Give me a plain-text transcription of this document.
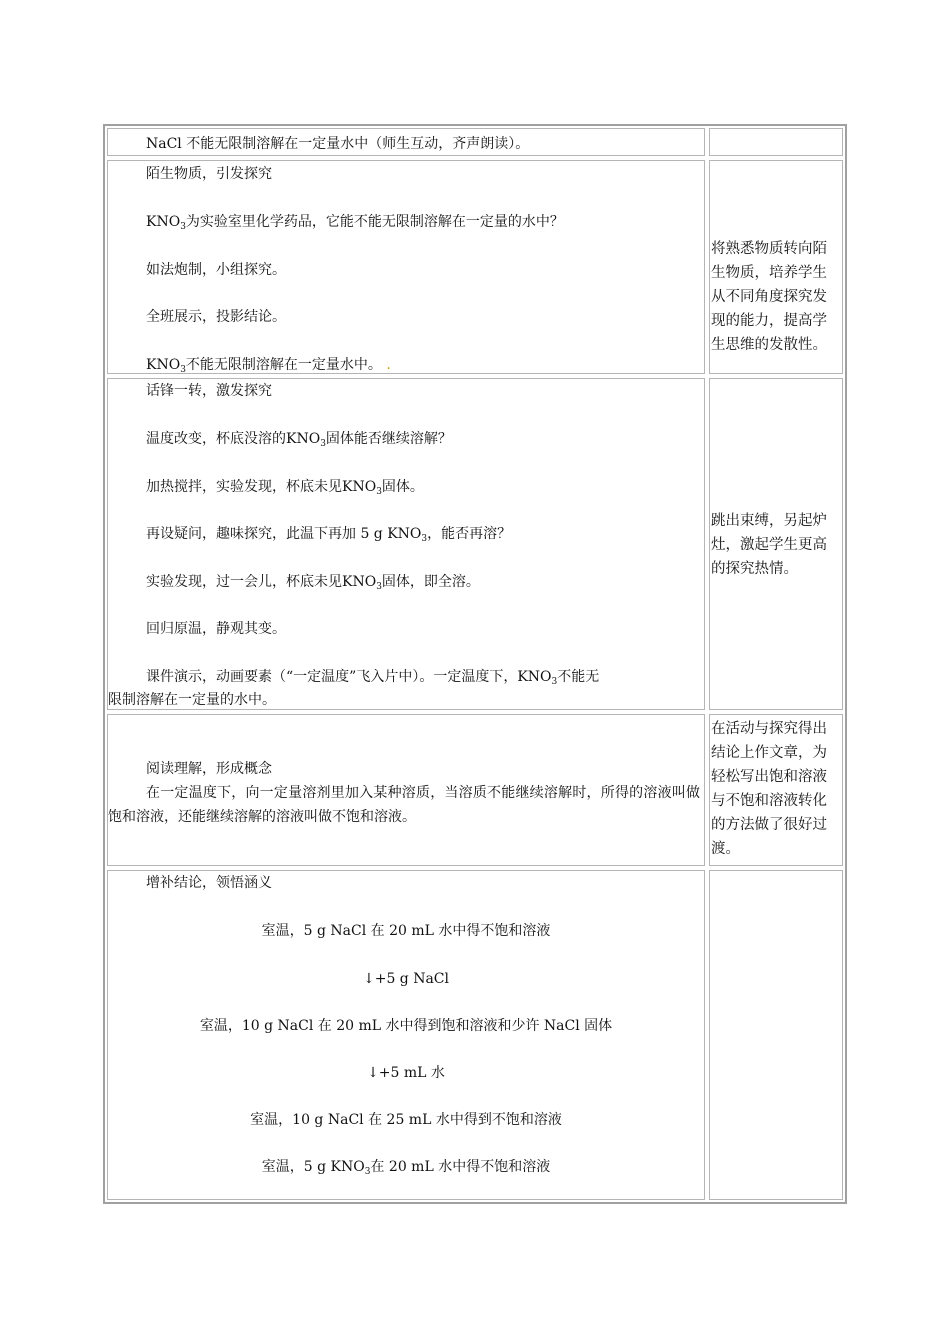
NaCl 不能无限制溶解在一定量水中（师生互动，齐声朗读）。
陌生物质，引发探究
$KNO_3$为实验室里化学药品，它能不能无限制溶解在一定量的水中？
如法炮制，小组探究。
全班展示，投影结论。
$KNO_3$不能无限制溶解在一定量水中。 .
将熟悉物质转向陌生物质，培养学生从不同角度探究发现的能力，提高学生思维的发散性。
话锋一转，激发探究
温度改变，杯底没溶的$KNO_3$固体能否继续溶解？
加热搅拌，实验发现，杯底未见$KNO_3$固体。
再设疑问，趣味探究，此温下再加 5 g $KNO_3$，能否再溶？
实验发现，过一会儿，杯底未见$KNO_3$固体，即全溶。
回归原温，静观其变。
课件演示，动画要素（“一定温度”飞入片中）。一定温度下，$KNO_3$不能无
限制溶解在一定量的水中。
跳出束缚，另起炉灶，激起学生更高的探究热情。
阅读理解，形成概念
在一定温度下，向一定量溶剂里加入某种溶质，当溶质不能继续溶解时，所得的溶液叫做饱和溶液，还能继续溶解的溶液叫做不饱和溶液。
在活动与探究得出结论上作文章，为轻松写出饱和溶液与不饱和溶液转化的方法做了很好过渡。
增补结论，领悟涵义
室温，5 g NaCl 在 20 mL 水中得不饱和溶液
↓+5 g NaCl
室温，10 g NaCl 在 20 mL 水中得到饱和溶液和少许 NaCl 固体
↓+5 mL 水
室温，10 g NaCl 在 25 mL 水中得到不饱和溶液
室温，5 g $KNO_3$在 20 mL 水中得不饱和溶液
